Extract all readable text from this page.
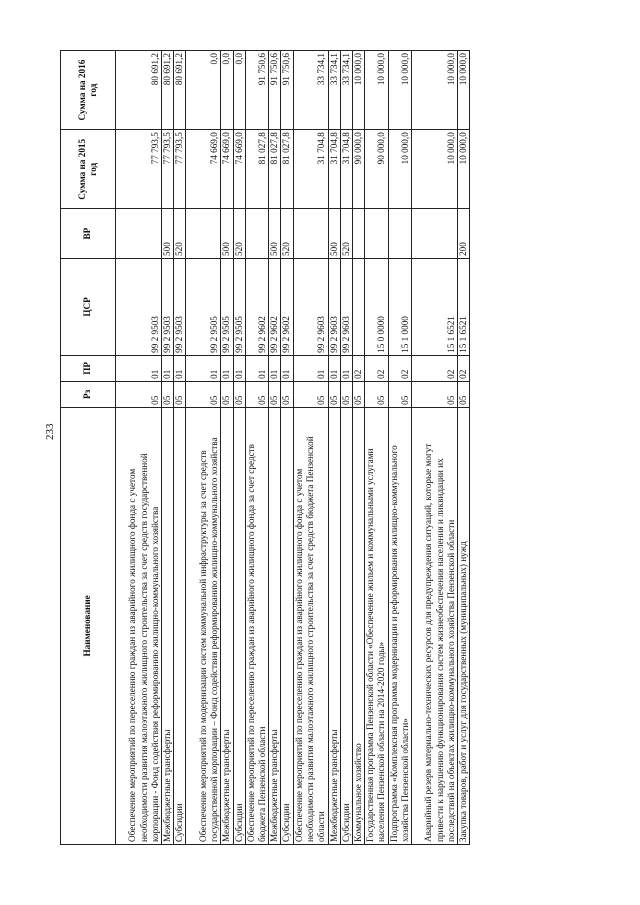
233
Наименование	Рз	ПР	ЦСР	ВР	Сумма на 2015 год	Сумма на 2016 год
Обеспечение мероприятий по переселению граждан из аварийного жилищного фонда с учетом необходимости развития малоэтажного жилищного строительства за счет средств государственной корпорации - Фонд содействия реформированию жилищно-коммунального хозяйства	05	01	99 2 9503		77 793,5	80 691,2
Межбюджетные трансферты	05	01	99 2 9503	500	77 793,5	80 691,2
Субсидии	05	01	99 2 9503	520	77 793,5	80 691,2
Обеспечение мероприятий по модернизации систем коммунальной инфраструктуры за счет средств государственной корпорации – Фонд содействия реформированию жилищно-коммунального хозяйства	05	01	99 2 9505		74 669,0	0,0
Межбюджетные трансферты	05	01	99 2 9505	500	74 669,0	0,0
Субсидии	05	01	99 2 9505	520	74 669,0	0,0
Обеспечение мероприятий по переселению граждан из аварийного жилищного фонда за счет средств бюджета Пензенской области	05	01	99 2 9602		81 027,8	91 750,6
Межбюджетные трансферты	05	01	99 2 9602	500	81 027,8	91 750,6
Субсидии	05	01	99 2 9602	520	81 027,8	91 750,6
Обеспечение мероприятий по переселению граждан из аварийного жилищного фонда с учетом необходимости развития малоэтажного жилищного строительства за счет средств бюджета Пензенской области	05	01	99 2 9603		31 704,8	33 734,1
Межбюджетные трансферты	05	01	99 2 9603	500	31 704,8	33 734,1
Субсидии	05	01	99 2 9603	520	31 704,8	33 734,1
Коммунальное хозяйство	05	02			90 000,0	10 000,0
Государственная программа Пензенской области «Обеспечение жильем и коммунальными услугами населения Пензенской области на 2014-2020 годы»	05	02	15 0 0000		90 000,0	10 000,0
Подпрограмма «Комплексная программа модернизации и реформирования жилищно-коммунального хозяйства Пензенской области»	05	02	15 1 0000		10 000,0	10 000,0
Аварийный резерв материально-технических ресурсов для предупреждения ситуаций, которые могут привести к нарушению функционирования систем жизнеобеспечения населения и ликвидации их последствий на объектах жилищно-коммунального хозяйства Пензенской области	05	02	15 1 6521		10 000,0	10 000,0
Закупка товаров, работ и услуг для государственных (муниципальных) нужд	05	02	15 1 6521	200	10 000,0	10 000,0
